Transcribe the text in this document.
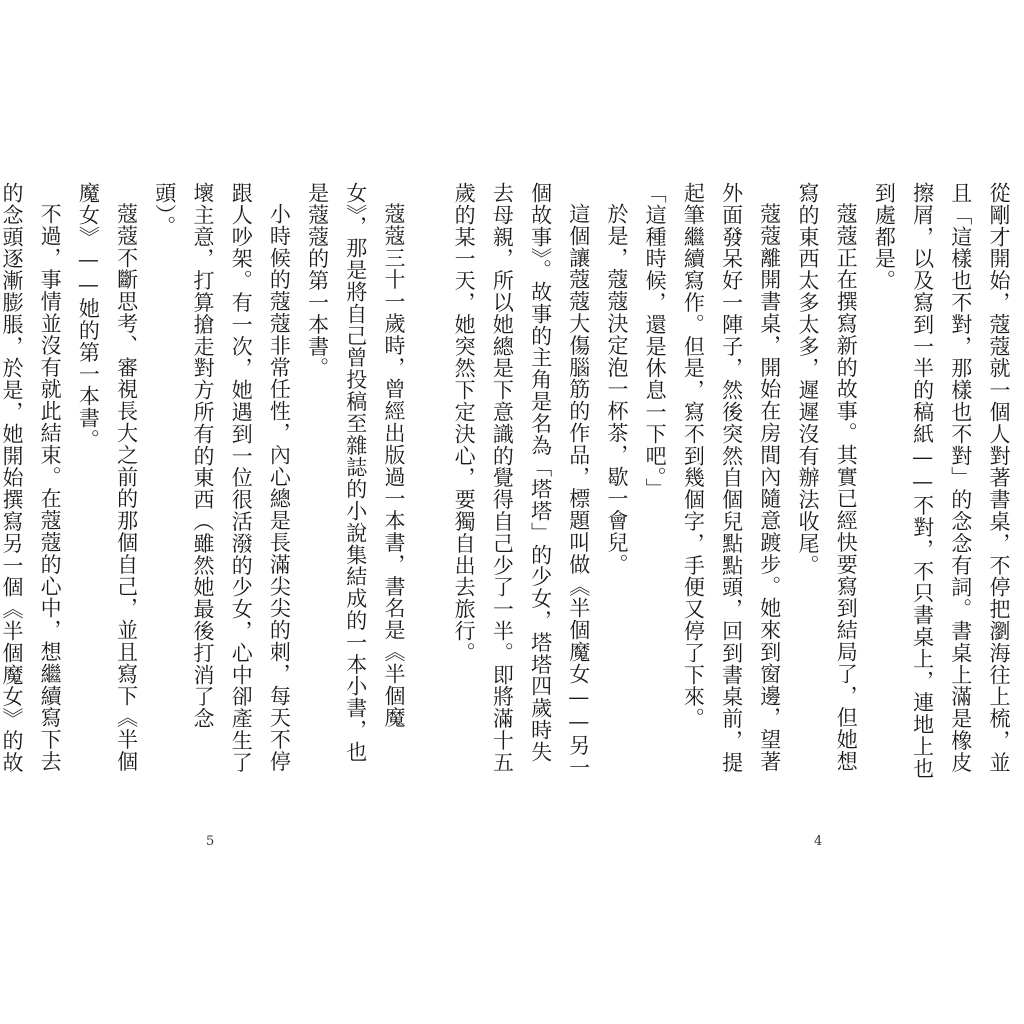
蔻蔻三十一歲時，曾經出版過一本書，書名是《半個魔女》，那是將自己曾投稿至雜誌的小說集結成的一本小書，也是蔻蔻的第一本書。

小時候的蔻蔻非常任性，內心總是長滿尖尖的刺，每天不停跟人吵架。有一次，她遇到一位很活潑的少女，心中卻產生了壞主意，打算搶走對方所有的東西（雖然她最後打消了念頭）。

蔻蔻不斷思考、審視長大之前的那個自己，並且寫下《半個魔女》——她的第一本書。

不過，事情並沒有就此結束。在蔻蔻的心中，想繼續寫下去的念頭逐漸膨脹，於是，她開始撰寫另一個《半個魔女》的故

5

從剛才開始，蔻蔻就一個人對著書桌，不停把瀏海往上梳，並且「這樣也不對，那樣也不對」的念念有詞。書桌上滿是橡皮擦屑，以及寫到一半的稿紙——不對，不只書桌上，連地上也到處都是。

蔻蔻正在撰寫新的故事。其實已經快要寫到結局了，但她想寫的東西太多太多，遲遲沒有辦法收尾。

蔻蔻離開書桌，開始在房間內隨意踱步。她來到窗邊，望著外面發呆好一陣子，然後突然自個兒點點頭，回到書桌前，提起筆繼續寫作。但是，寫不到幾個字，手便又停了下來。

「這種時候，還是休息一下吧。」

於是，蔻蔻決定泡一杯茶，歇一會兒。

這個讓蔻蔻大傷腦筋的作品，標題叫做《半個魔女——另一個故事》。故事的主角是名為「塔塔」的少女，塔塔四歲時失去母親，所以她總是下意識的覺得自己少了一半。即將滿十五歲的某一天，她突然下定決心，要獨自出去旅行。

4
